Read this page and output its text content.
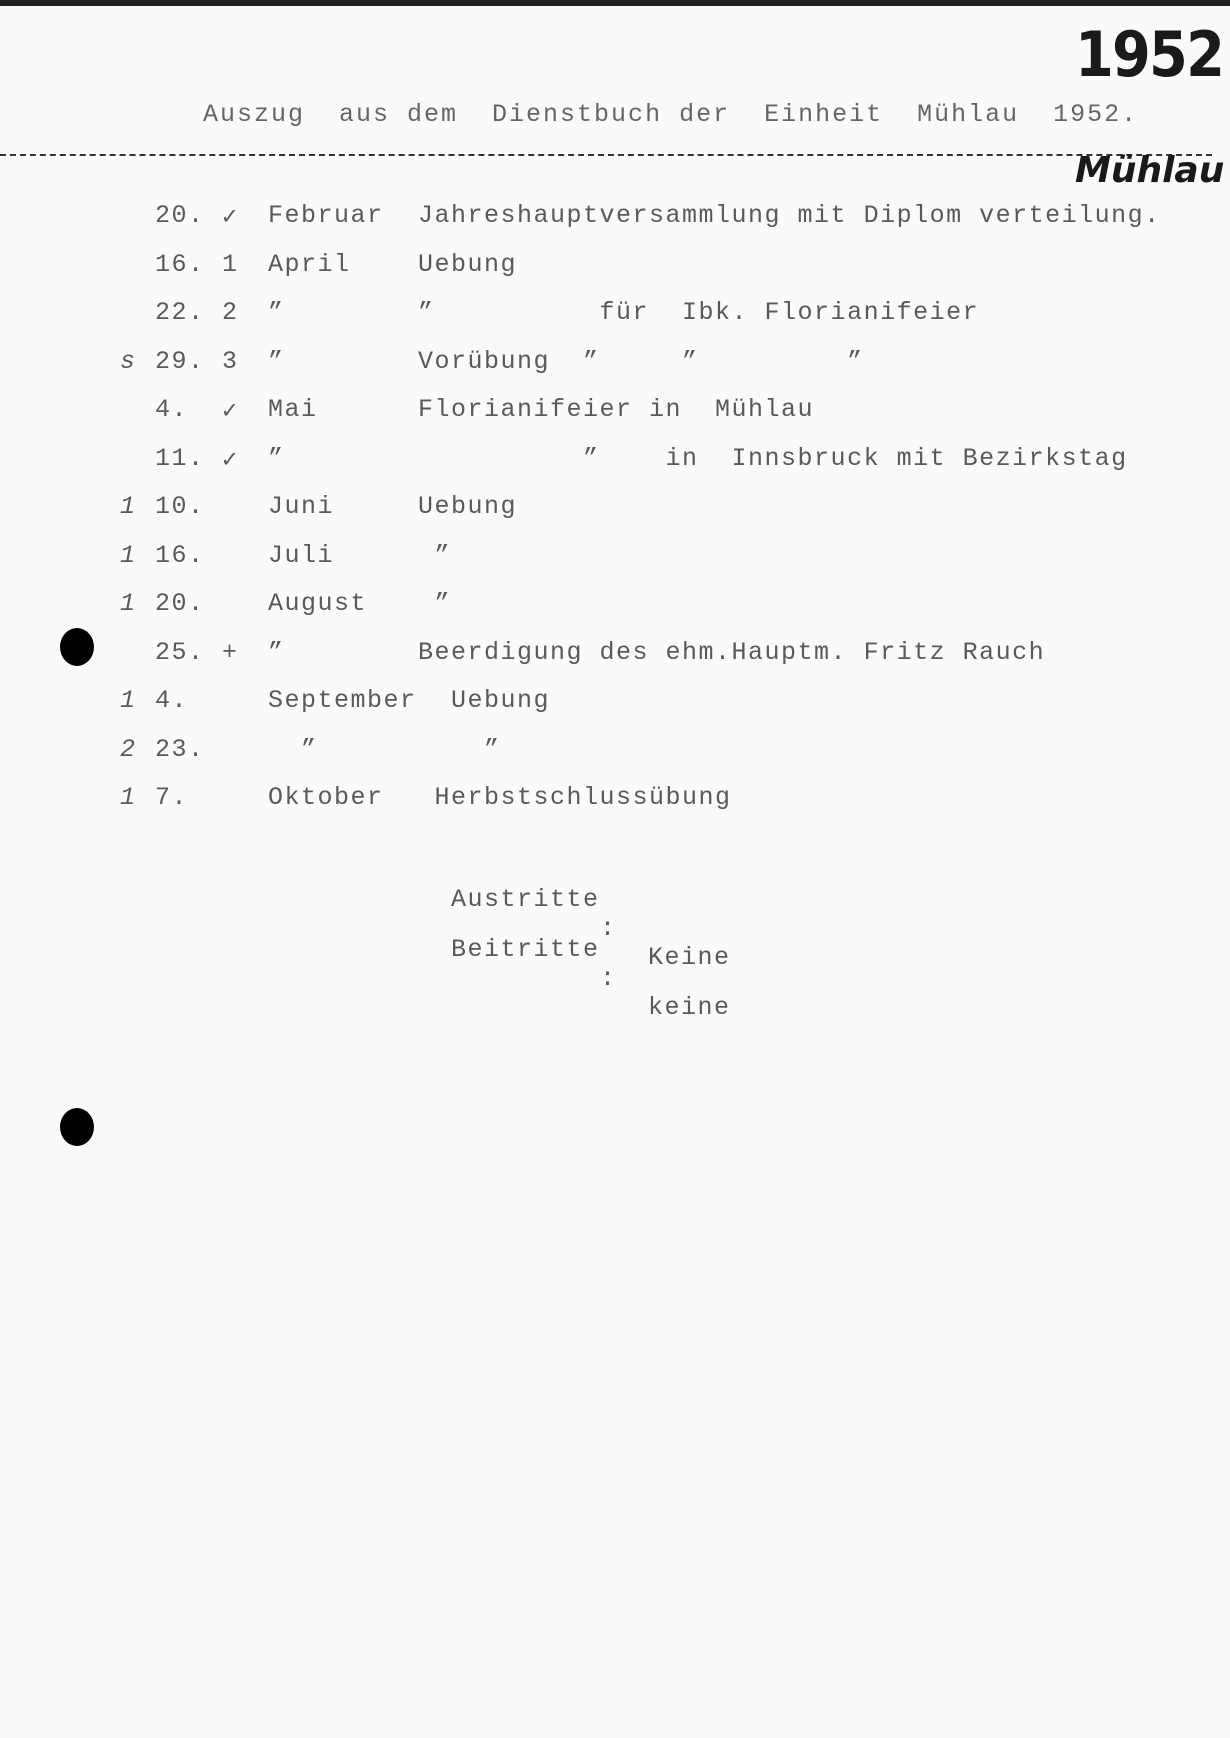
1952
Auszug  aus dem  Dienstbuch der  Einheit  Mühlau  1952.
Mühlau
20. ✓ Februar Jahreshauptversammlung mit Diplom verteilung.
16. 1 April	Uebung
22. 2 ”	”          für  Ibk. Florianifeier
s 29. 3 ”	Vorübung  ”     ”         ”
4. ✓ Mai	Florianifeier in  Mühlau
11. ✓ ”	”    in  Innsbruck mit Bezirkstag
1 10.	Juni	Uebung
1 16.	Juli	”
1 20.	August ”
25. + ”	Beerdigung des ehm.Hauptm. Fritz Rauch
1 4.	September Uebung
2 23.	”	”
1 7.	Oktober Herbstschlussübung

Austritte

:

Keine

Beitritte

:

keine
